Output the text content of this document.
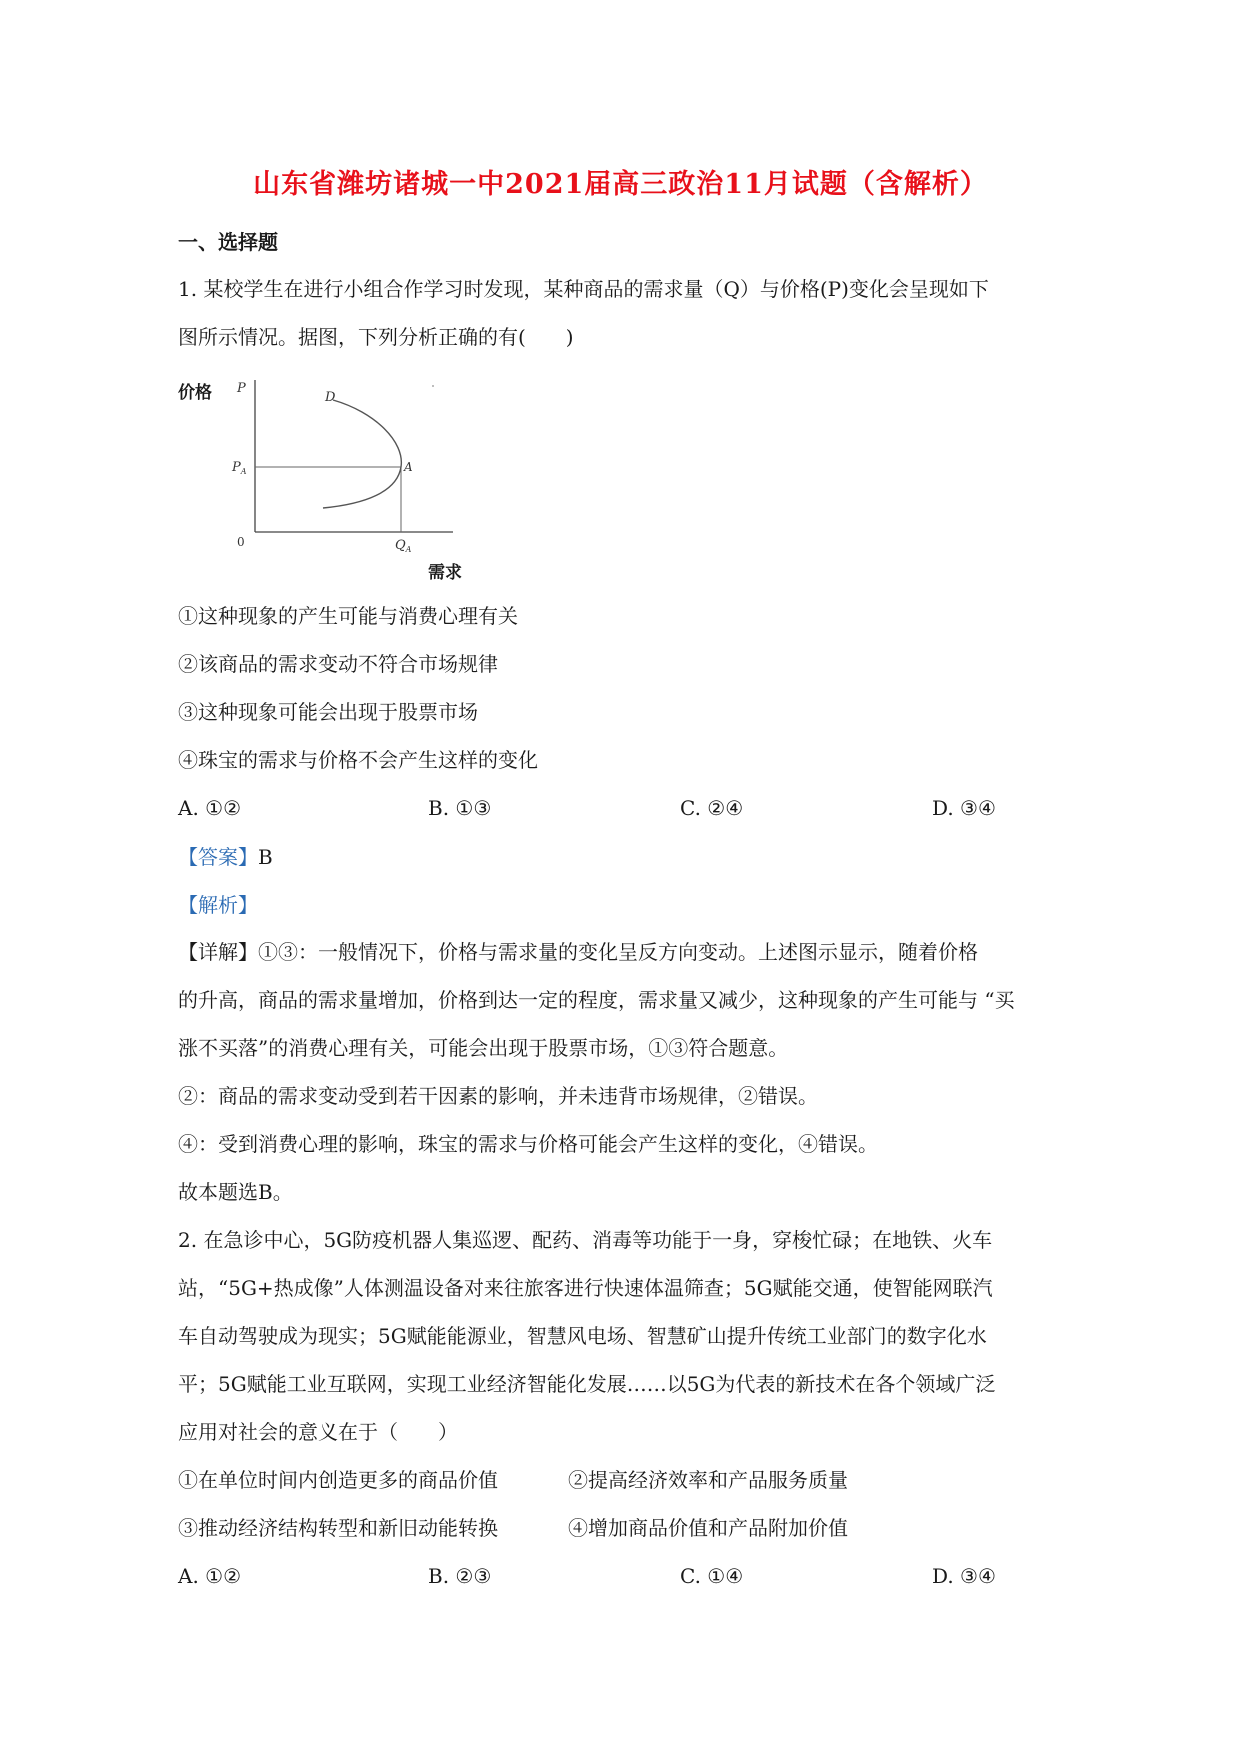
山东省潍坊诸城一中2021届高三政治11月试题（含解析）
一、选择题
1. 某校学生在进行小组合作学习时发现，某种商品的需求量（Q）与价格(P)变化会呈现如下
图所示情况。据图，下列分析正确的有(　　)
价格 P
$P_A$
0
D
A
$Q_A$
需求
①这种现象的产生可能与消费心理有关
②该商品的需求变动不符合市场规律
③这种现象可能会出现于股票市场
④珠宝的需求与价格不会产生这样的变化
A. ①②	B. ①③	C. ②④	D. ③④
【答案】B
【解析】
【详解】①③：一般情况下，价格与需求量的变化呈反方向变动。上述图示显示，随着价格
的升高，商品的需求量增加，价格到达一定的程度，需求量又减少，这种现象的产生可能与 “买
涨不买落”的消费心理有关，可能会出现于股票市场，①③符合题意。
②：商品的需求变动受到若干因素的影响，并未违背市场规律，②错误。
④：受到消费心理的影响，珠宝的需求与价格可能会产生这样的变化，④错误。
故本题选B。
2. 在急诊中心，5G防疫机器人集巡逻、配药、消毒等功能于一身，穿梭忙碌；在地铁、火车
站，“5G+热成像”人体测温设备对来往旅客进行快速体温筛查；5G赋能交通，使智能网联汽
车自动驾驶成为现实；5G赋能能源业，智慧风电场、智慧矿山提升传统工业部门的数字化水
平；5G赋能工业互联网，实现工业经济智能化发展……以5G为代表的新技术在各个领域广泛
应用对社会的意义在于（　　）
①在单位时间内创造更多的商品价值	②提高经济效率和产品服务质量
③推动经济结构转型和新旧动能转换	④增加商品价值和产品附加价值
A. ①②	B. ②③	C. ①④	D. ③④
